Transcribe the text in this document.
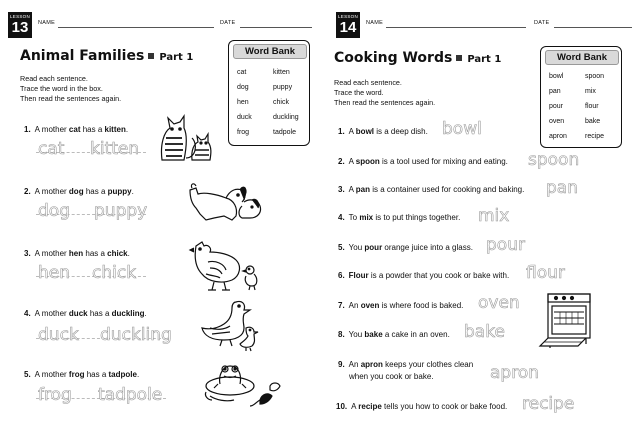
LESSON
13	NAME	DATE
Animal Families Part 1
Read each sentence.
Trace the word in the box.
Then read the sentences again.
Word Bank
cat	kitten
dog	puppy
hen	chick
duck	duckling
frog	tadpole
1. A mother cat has a kitten.
cat kitten
2. A mother dog has a puppy.
dog puppy
3. A mother hen has a chick.
hen chick
4. A mother duck has a duckling.
duck duckling
5. A mother frog has a tadpole.
frog tadpole
LESSON
14	NAME	DATE
Cooking Words Part 1
Read each sentence.
Trace the word.
Then read the sentences again.
Word Bank
bowl	spoon
pan	mix
pour	flour
oven	bake
apron	recipe
1. A bowl is a deep dish. bowl
2. A spoon is a tool used for mixing and eating. spoon
3. A pan is a container used for cooking and baking. pan
4. To mix is to put things together. mix
5. You pour orange juice into a glass. pour
6. Flour is a powder that you cook or bake with. flour
7. An oven is where food is baked. oven
8. You bake a cake in an oven. bake
9. An apron keeps your clothes clean
when you cook or bake.	apron
10. A recipe tells you how to cook or bake food. recipe
